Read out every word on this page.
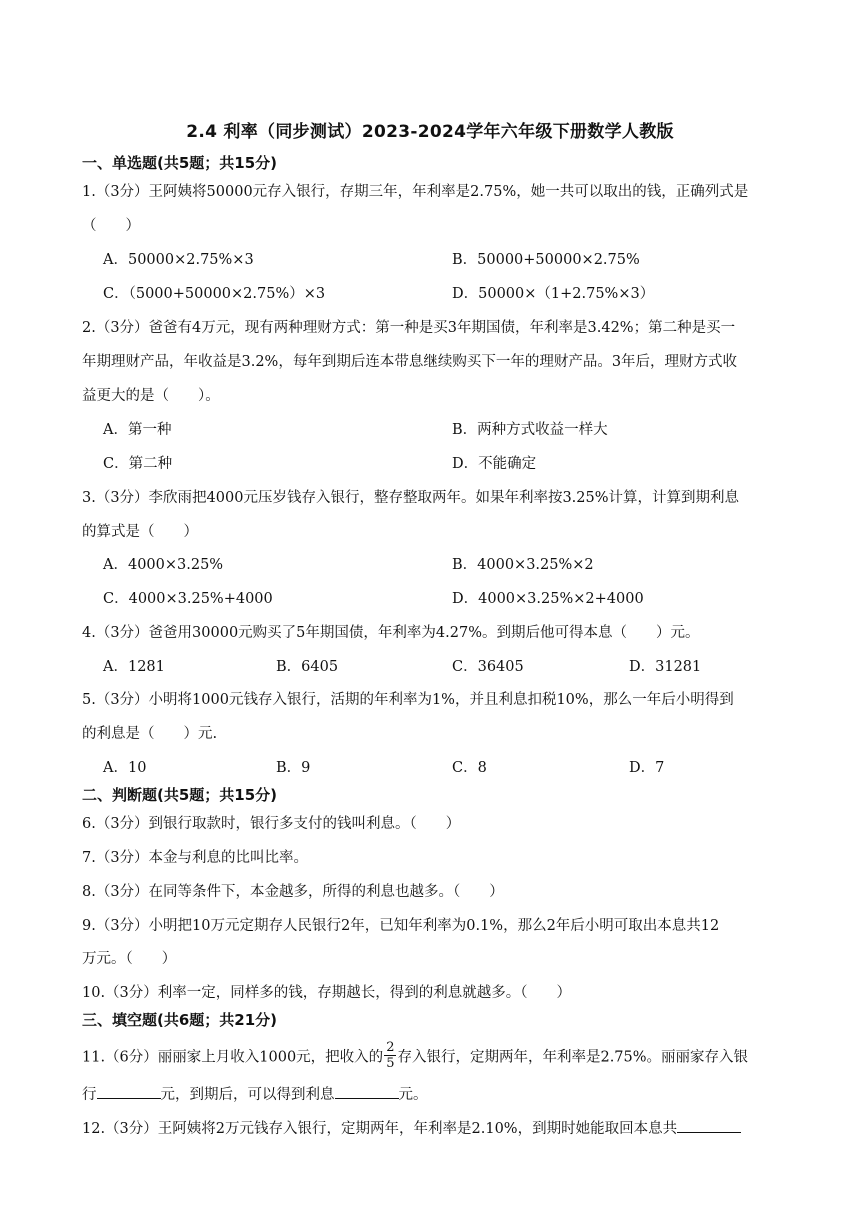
2.4 利率（同步测试）2023-2024学年六年级下册数学人教版
一、单选题(共5题；共15分)
1.（3分）王阿姨将50000元存入银行，存期三年，年利率是2.75%，她一共可以取出的钱，正确列式是
（　　）
A．50000×2.75%×3	B．50000+50000×2.75%
C．（5000+50000×2.75%）×3	D．50000×（1+2.75%×3）
2.（3分）爸爸有4万元，现有两种理财方式：第一种是买3年期国债，年利率是3.42%；第二种是买一
年期理财产品，年收益是3.2%，每年到期后连本带息继续购买下一年的理财产品。3年后，理财方式收
益更大的是（　　）。
A．第一种	B．两种方式收益一样大
C．第二种	D．不能确定
3.（3分）李欣雨把4000元压岁钱存入银行，整存整取两年。如果年利率按3.25%计算，计算到期利息
的算式是（　　）
A．4000×3.25%	B．4000×3.25%×2
C．4000×3.25%+4000	D．4000×3.25%×2+4000
4.（3分）爸爸用30000元购买了5年期国债，年利率为4.27%。到期后他可得本息（　　）元。
A．1281	B．6405	C．36405	D．31281
5.（3分）小明将1000元钱存入银行，活期的年利率为1%，并且利息扣税10%，那么一年后小明得到
的利息是（　　）元.
A．10	B．9	C．8	D．7
二、判断题(共5题；共15分)
6.（3分）到银行取款时，银行多支付的钱叫利息。（　　）
7.（3分）本金与利息的比叫比率。
8.（3分）在同等条件下，本金越多，所得的利息也越多。（　　）
9.（3分）小明把10万元定期存人民银行2年，已知年利率为0.1%，那么2年后小明可取出本息共12
万元。（　　）
10.（3分）利率一定，同样多的钱，存期越长，得到的利息就越多。（　　）
三、填空题(共6题；共21分)
11.（6分）丽丽家上月收入1000元，把收入的 $\frac{2}{5}$ 存入银行，定期两年，年利率是2.75%。丽丽家存入银
行	元，到期后，可以得到利息	元。
12.（3分）王阿姨将2万元钱存入银行，定期两年，年利率是2.10%，到期时她能取回本息共
